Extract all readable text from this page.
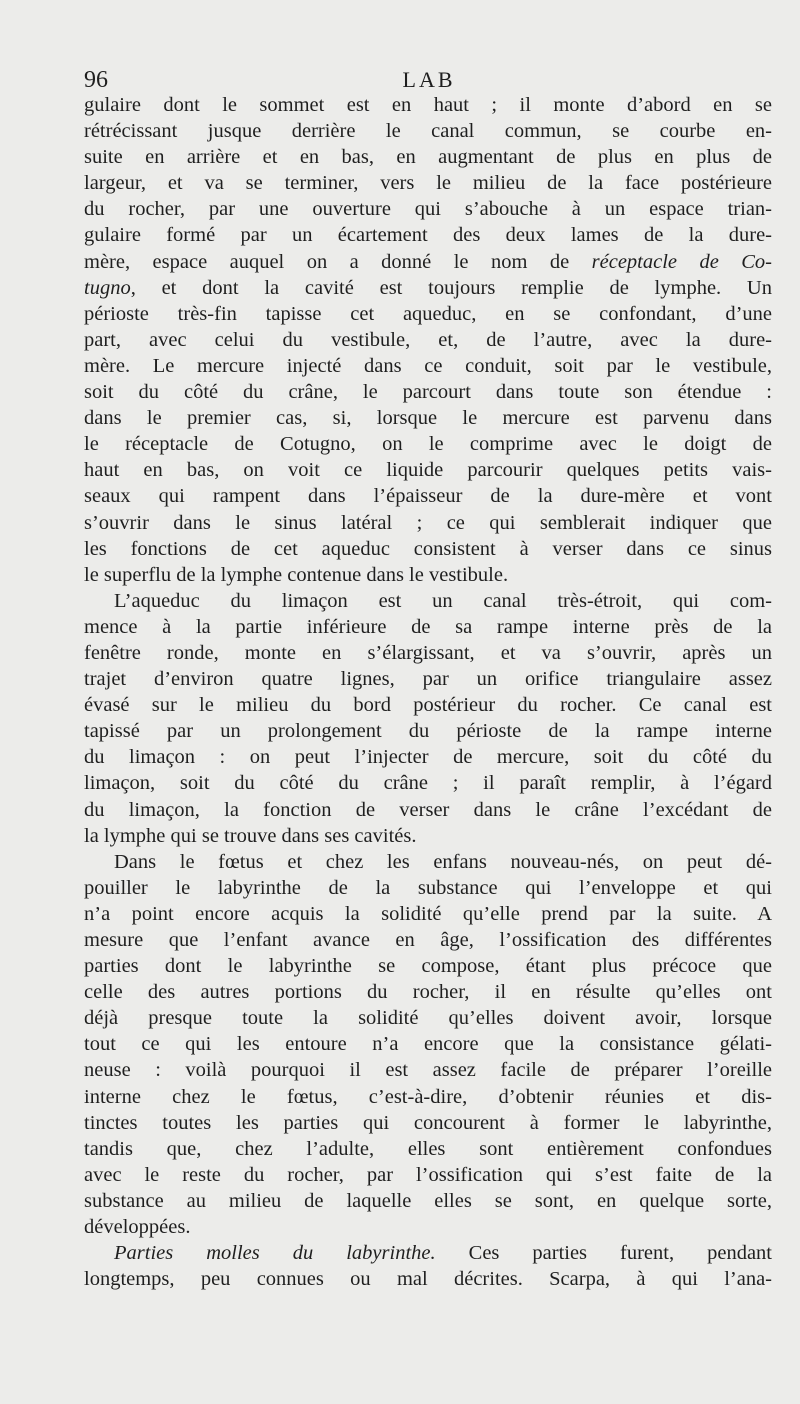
96	LAB
gulaire dont le sommet est en haut ; il monte d’abord en se
rétrécissant jusque derrière le canal commun, se courbe en-
suite en arrière et en bas, en augmentant de plus en plus de
largeur, et va se terminer, vers le milieu de la face postérieure
du rocher, par une ouverture qui s’abouche à un espace trian-
gulaire formé par un écartement des deux lames de la dure-
mère, espace auquel on a donné le nom de réceptacle de Co-
tugno, et dont la cavité est toujours remplie de lymphe. Un
périoste très-fin tapisse cet aqueduc, en se confondant, d’une
part, avec celui du vestibule, et, de l’autre, avec la dure-
mère. Le mercure injecté dans ce conduit, soit par le vestibule,
soit du côté du crâne, le parcourt dans toute son étendue :
dans le premier cas, si, lorsque le mercure est parvenu dans
le réceptacle de Cotugno, on le comprime avec le doigt de
haut en bas, on voit ce liquide parcourir quelques petits vais-
seaux qui rampent dans l’épaisseur de la dure-mère et vont
s’ouvrir dans le sinus latéral ; ce qui semblerait indiquer que
les fonctions de cet aqueduc consistent à verser dans ce sinus
le superflu de la lymphe contenue dans le vestibule.
L’aqueduc du limaçon est un canal très-étroit, qui com-
mence à la partie inférieure de sa rampe interne près de la
fenêtre ronde, monte en s’élargissant, et va s’ouvrir, après un
trajet d’environ quatre lignes, par un orifice triangulaire assez
évasé sur le milieu du bord postérieur du rocher. Ce canal est
tapissé par un prolongement du périoste de la rampe interne
du limaçon : on peut l’injecter de mercure, soit du côté du
limaçon, soit du côté du crâne ; il paraît remplir, à l’égard
du limaçon, la fonction de verser dans le crâne l’excédant de
la lymphe qui se trouve dans ses cavités.
Dans le fœtus et chez les enfans nouveau-nés, on peut dé-
pouiller le labyrinthe de la substance qui l’enveloppe et qui
n’a point encore acquis la solidité qu’elle prend par la suite. A
mesure que l’enfant avance en âge, l’ossification des différentes
parties dont le labyrinthe se compose, étant plus précoce que
celle des autres portions du rocher, il en résulte qu’elles ont
déjà presque toute la solidité qu’elles doivent avoir, lorsque
tout ce qui les entoure n’a encore que la consistance gélati-
neuse : voilà pourquoi il est assez facile de préparer l’oreille
interne chez le fœtus, c’est-à-dire, d’obtenir réunies et dis-
tinctes toutes les parties qui concourent à former le labyrinthe,
tandis que, chez l’adulte, elles sont entièrement confondues
avec le reste du rocher, par l’ossification qui s’est faite de la
substance au milieu de laquelle elles se sont, en quelque sorte,
développées.
Parties molles du labyrinthe. Ces parties furent, pendant
longtemps, peu connues ou mal décrites. Scarpa, à qui l’ana-
